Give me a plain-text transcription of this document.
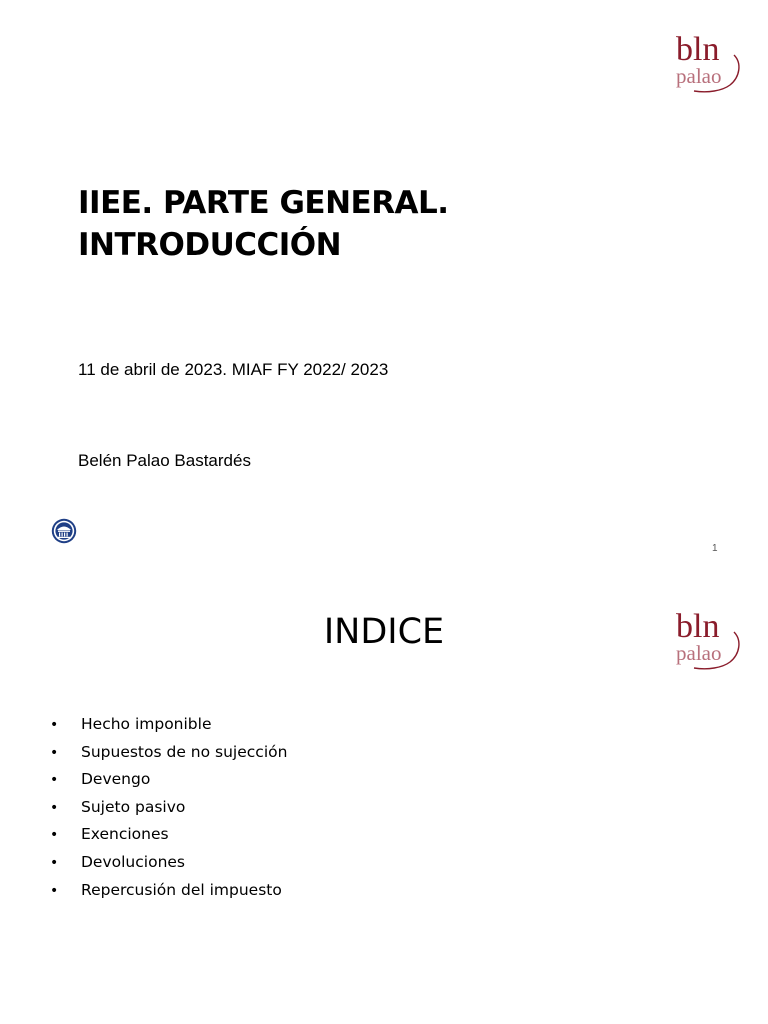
bln
palao
IIEE. PARTE GENERAL.
INTRODUCCIÓN
11 de abril de 2023. MIAF FY 2022/ 2023
Belén Palao Bastardés
1
bln
palao
INDICE
• Hecho imponible
• Supuestos de no sujección
• Devengo
• Sujeto pasivo
• Exenciones
• Devoluciones
• Repercusión del impuesto
